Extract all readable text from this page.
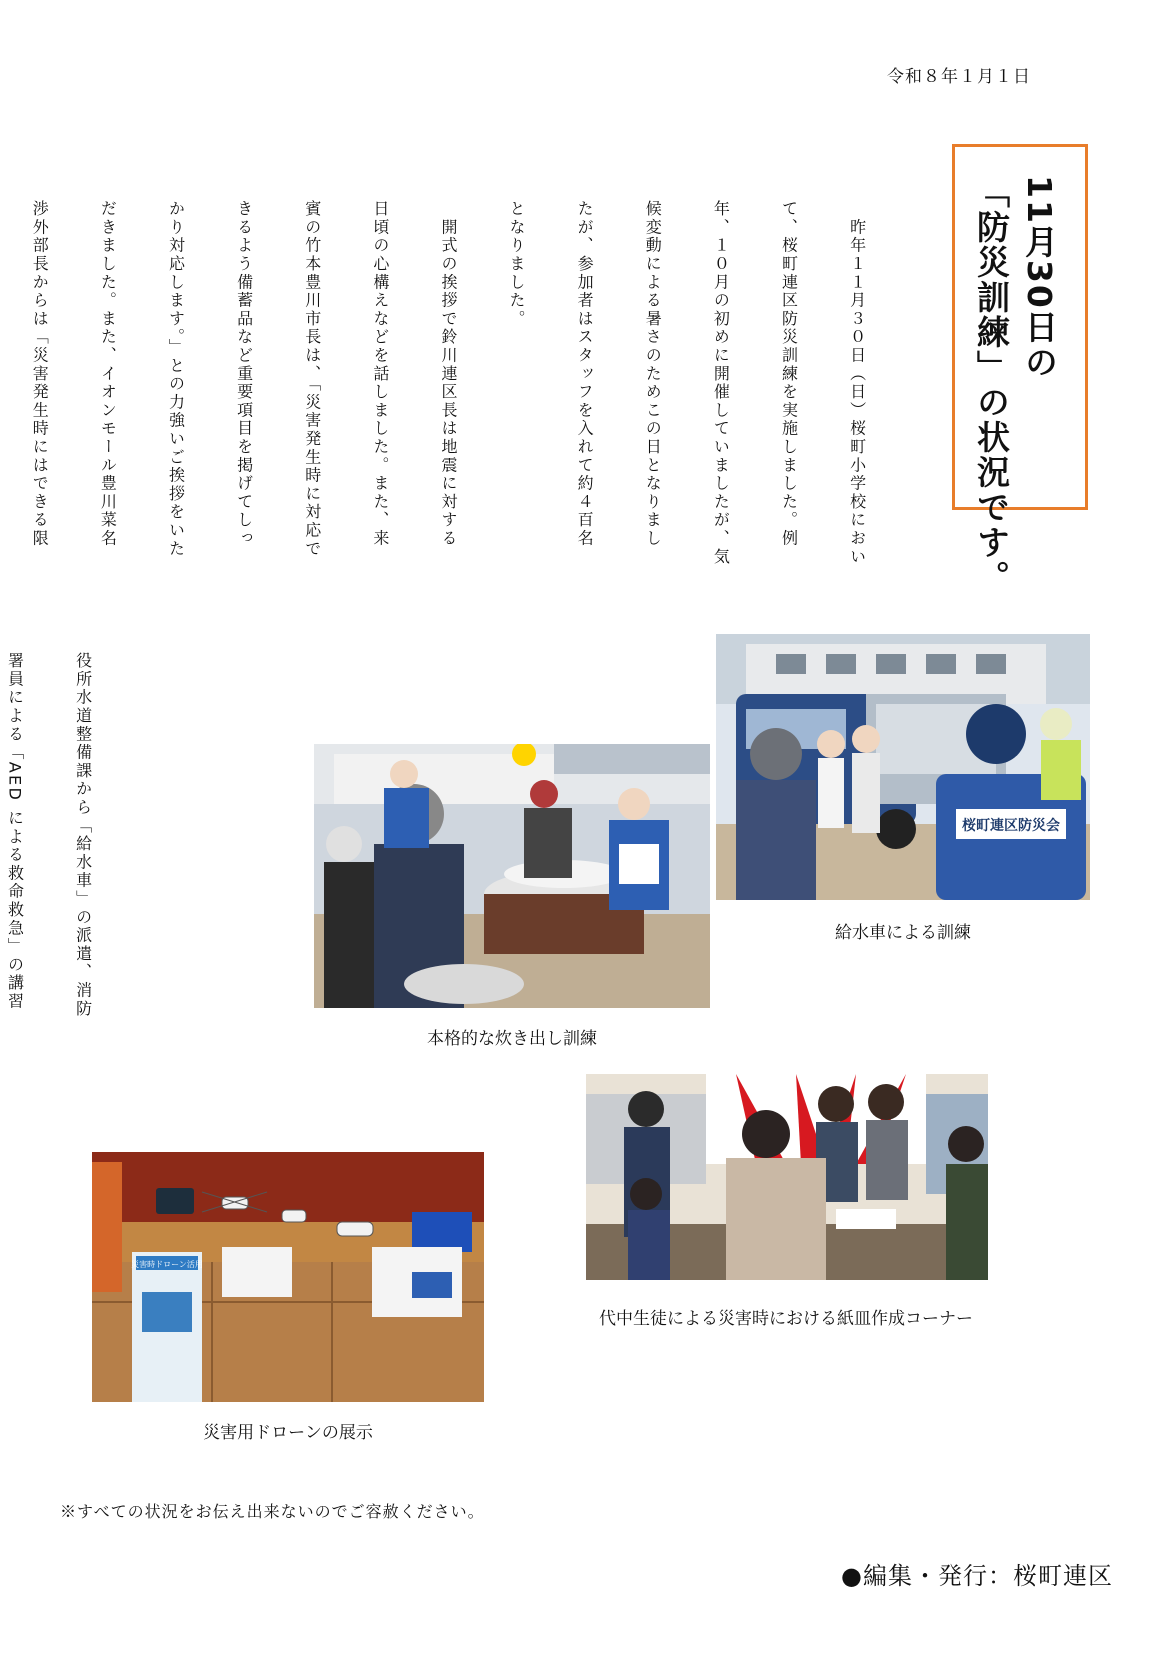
令和８年１月１日
11月30日の
「防災訓練」の状況です。

　昨年１１月３０日（日）桜町小学校におい

て、桜町連区防災訓練を実施しました。例

年、１０月の初めに開催していましたが、気

候変動による暑さのためこの日となりまし

たが、参加者はスタッフを入れて約４百名

となりました。

　開式の挨拶で鈴川連区長は地震に対する

日頃の心構えなどを話しました。また、来

賓の竹本豊川市長は、「災害発生時に対応で

きるよう備蓄品など重要項目を掲げてしっ

かり対応します。」との力強いご挨拶をいた

だきました。また、イオンモール豊川菜名

渉外部長からは「災害発生時にはできる限

役所水道整備課から「給水車」の派遣、消防

署員による「AED による救命救急」の講習

	桜町連区防災会
給水車による訓練
本格的な炊き出し訓練
代中生徒による災害時における紙皿作成コーナー
災害時ドローン活用
災害用ドローンの展示
※すべての状況をお伝え出来ないのでご容赦ください。
●編集・発行：桜町連区
